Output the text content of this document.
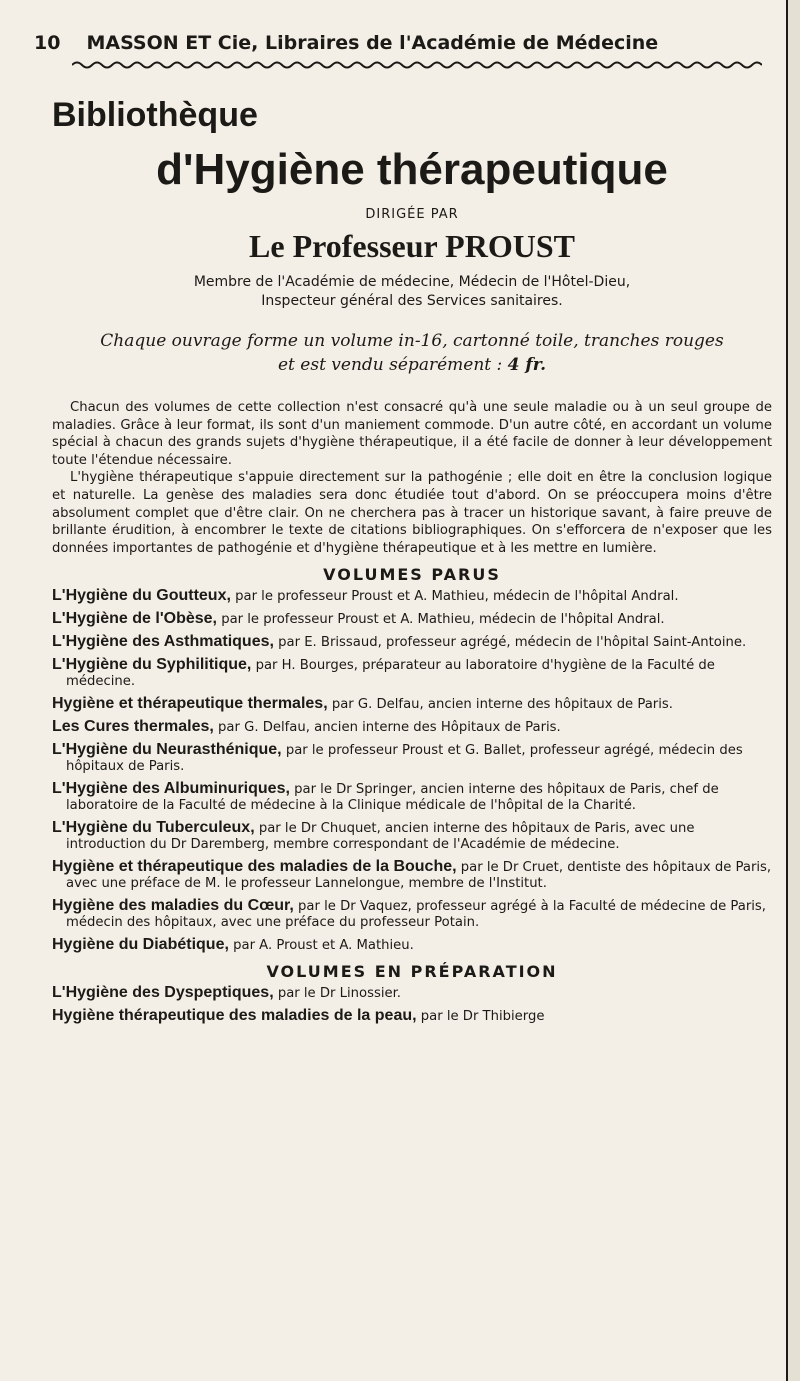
10 MASSON ET Cie, Libraires de l'Académie de Médecine
Bibliothèque
d'Hygiène thérapeutique
DIRIGÉE PAR
Le Professeur PROUST
Membre de l'Académie de médecine, Médecin de l'Hôtel-Dieu,
Inspecteur général des Services sanitaires.
Chaque ouvrage forme un volume in-16, cartonné toile, tranches rouges
et est vendu séparément : 4 fr.

Chacun des volumes de cette collection n'est consacré qu'à une seule maladie ou à un seul groupe de maladies. Grâce à leur format, ils sont d'un maniement commode. D'un autre côté, en accordant un volume spécial à chacun des grands sujets d'hygiène thérapeutique, il a été facile de donner à leur développement toute l'étendue nécessaire.

L'hygiène thérapeutique s'appuie directement sur la pathogénie ; elle doit en être la conclusion logique et naturelle. La genèse des maladies sera donc étudiée tout d'abord. On se préoccupera moins d'être absolument complet que d'être clair. On ne cherchera pas à tracer un historique savant, à faire preuve de brillante érudition, à encombrer le texte de citations bibliographiques. On s'efforcera de n'exposer que les données importantes de pathogénie et d'hygiène thérapeutique et à les mettre en lumière.

VOLUMES PARUS

L'Hygiène du Goutteux, par le professeur Proust et A. Mathieu, médecin de l'hôpital Andral.

L'Hygiène de l'Obèse, par le professeur Proust et A. Mathieu, médecin de l'hôpital Andral.

L'Hygiène des Asthmatiques, par E. Brissaud, professeur agrégé, médecin de l'hôpital Saint-Antoine.

L'Hygiène du Syphilitique, par H. Bourges, préparateur au laboratoire d'hygiène de la Faculté de médecine.

Hygiène et thérapeutique thermales, par G. Delfau, ancien interne des hôpitaux de Paris.

Les Cures thermales, par G. Delfau, ancien interne des Hôpitaux de Paris.

L'Hygiène du Neurasthénique, par le professeur Proust et G. Ballet, professeur agrégé, médecin des hôpitaux de Paris.

L'Hygiène des Albuminuriques, par le Dr Springer, ancien interne des hôpitaux de Paris, chef de laboratoire de la Faculté de médecine à la Clinique médicale de l'hôpital de la Charité.

L'Hygiène du Tuberculeux, par le Dr Chuquet, ancien interne des hôpitaux de Paris, avec une introduction du Dr Daremberg, membre correspondant de l'Académie de médecine.

Hygiène et thérapeutique des maladies de la Bouche, par le Dr Cruet, dentiste des hôpitaux de Paris, avec une préface de M. le professeur Lannelongue, membre de l'Institut.

Hygiène des maladies du Cœur, par le Dr Vaquez, professeur agrégé à la Faculté de médecine de Paris, médecin des hôpitaux, avec une préface du professeur Potain.

Hygiène du Diabétique, par A. Proust et A. Mathieu.

VOLUMES EN PRÉPARATION

L'Hygiène des Dyspeptiques, par le Dr Linossier.

Hygiène thérapeutique des maladies de la peau, par le Dr Thibierge
